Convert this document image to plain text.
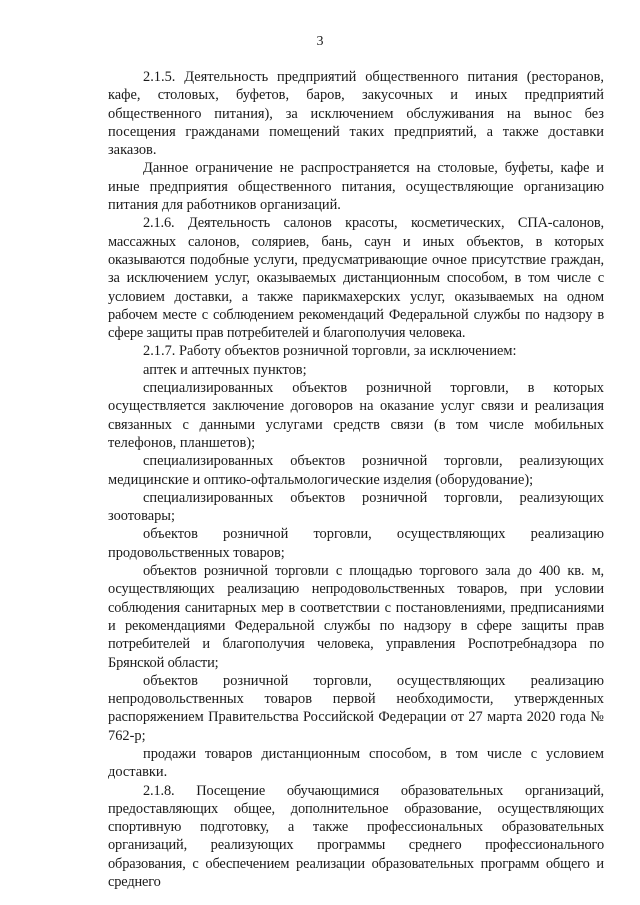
3

2.1.5. Деятельность предприятий общественного питания (ресторанов, кафе, столовых, буфетов, баров, закусочных и иных предприятий общественного питания), за исключением обслуживания на вынос без посещения гражданами помещений таких предприятий, а также доставки заказов.

Данное ограничение не распространяется на столовые, буфеты, кафе и иные предприятия общественного питания, осуществляющие организацию питания для работников организаций.

2.1.6. Деятельность салонов красоты, косметических, СПА-салонов, массажных салонов, соляриев, бань, саун и иных объектов, в которых оказываются подобные услуги, предусматривающие очное присутствие граждан, за исключением услуг, оказываемых дистанционным способом, в том числе с условием доставки, а также парикмахерских услуг, оказываемых на одном рабочем месте с соблюдением рекомендаций Федеральной службы по надзору в сфере защиты прав потребителей и благополучия человека.

2.1.7. Работу объектов розничной торговли, за исключением:

аптек и аптечных пунктов;

специализированных объектов розничной торговли, в которых осуществляется заключение договоров на оказание услуг связи и реализация связанных с данными услугами средств связи (в том числе мобильных телефонов, планшетов);

специализированных объектов розничной торговли, реализующих медицинские и оптико-офтальмологические изделия (оборудование);

специализированных объектов розничной торговли, реализующих зоотовары;

объектов розничной торговли, осуществляющих реализацию продовольственных товаров;

объектов розничной торговли с площадью торгового зала до 400 кв. м, осуществляющих реализацию непродовольственных товаров, при условии соблюдения санитарных мер в соответствии с постановлениями, предписаниями и рекомендациями Федеральной службы по надзору в сфере защиты прав потребителей и благополучия человека, управления Роспотребнадзора по Брянской области;

объектов розничной торговли, осуществляющих реализацию непродовольственных товаров первой необходимости, утвержденных распоряжением Правительства Российской Федерации от 27 марта 2020 года № 762-р;

продажи товаров дистанционным способом, в том числе с условием доставки.

2.1.8. Посещение обучающимися образовательных организаций, предоставляющих общее, дополнительное образование, осуществляющих спортивную подготовку, а также профессиональных образовательных организаций, реализующих программы среднего профессионального образования, с обеспечением реализации образовательных программ общего и среднего
